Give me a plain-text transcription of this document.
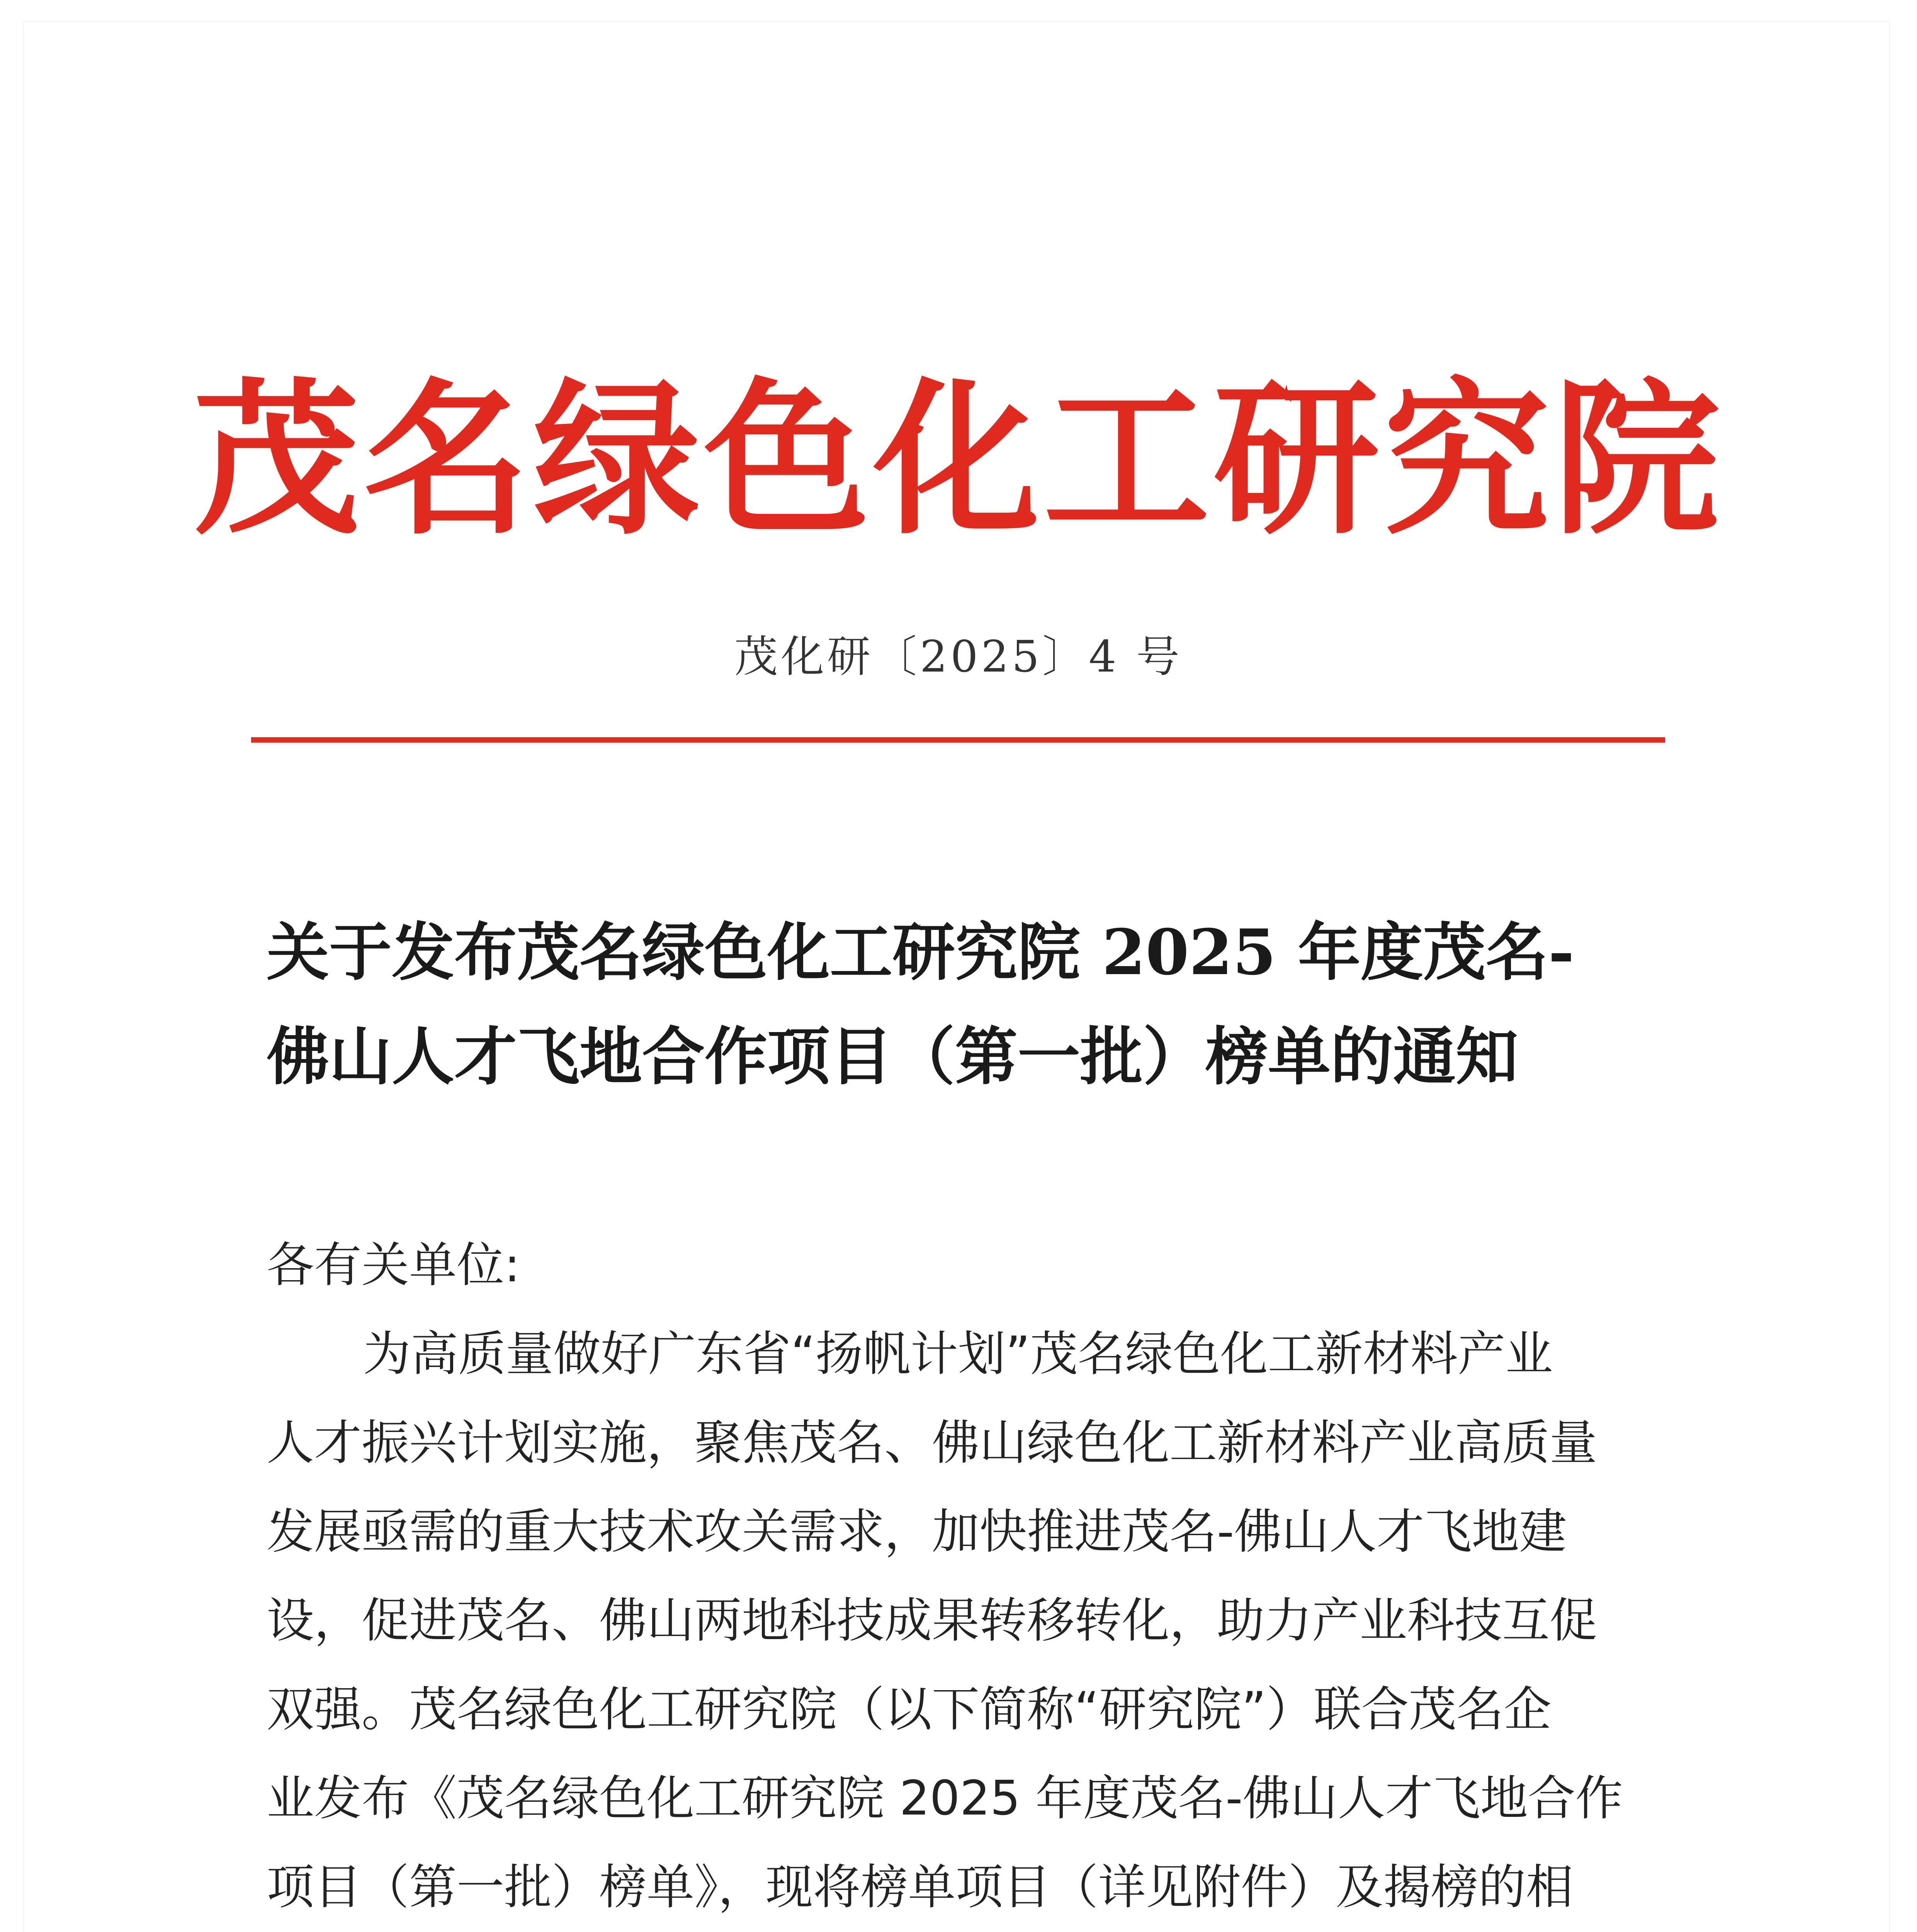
茂名绿色化工研究院
茂化研〔2025〕4 号
关于发布茂名绿色化工研究院 2025 年度茂名-
佛山人才飞地合作项目（第一批）榜单的通知
各有关单位:
为高质量做好广东省“扬帆计划”茂名绿色化工新材料产业
人才振兴计划实施，聚焦茂名、佛山绿色化工新材料产业高质量
发展亟需的重大技术攻关需求，加快推进茂名-佛山人才飞地建
设，促进茂名、佛山两地科技成果转移转化，助力产业科技互促
双强。茂名绿色化工研究院（以下简称“研究院”）联合茂名企
业发布《茂名绿色化工研究院 2025 年度茂名-佛山人才飞地合作
项目（第一批）榜单》，现将榜单项目（详见附件）及揭榜的相
